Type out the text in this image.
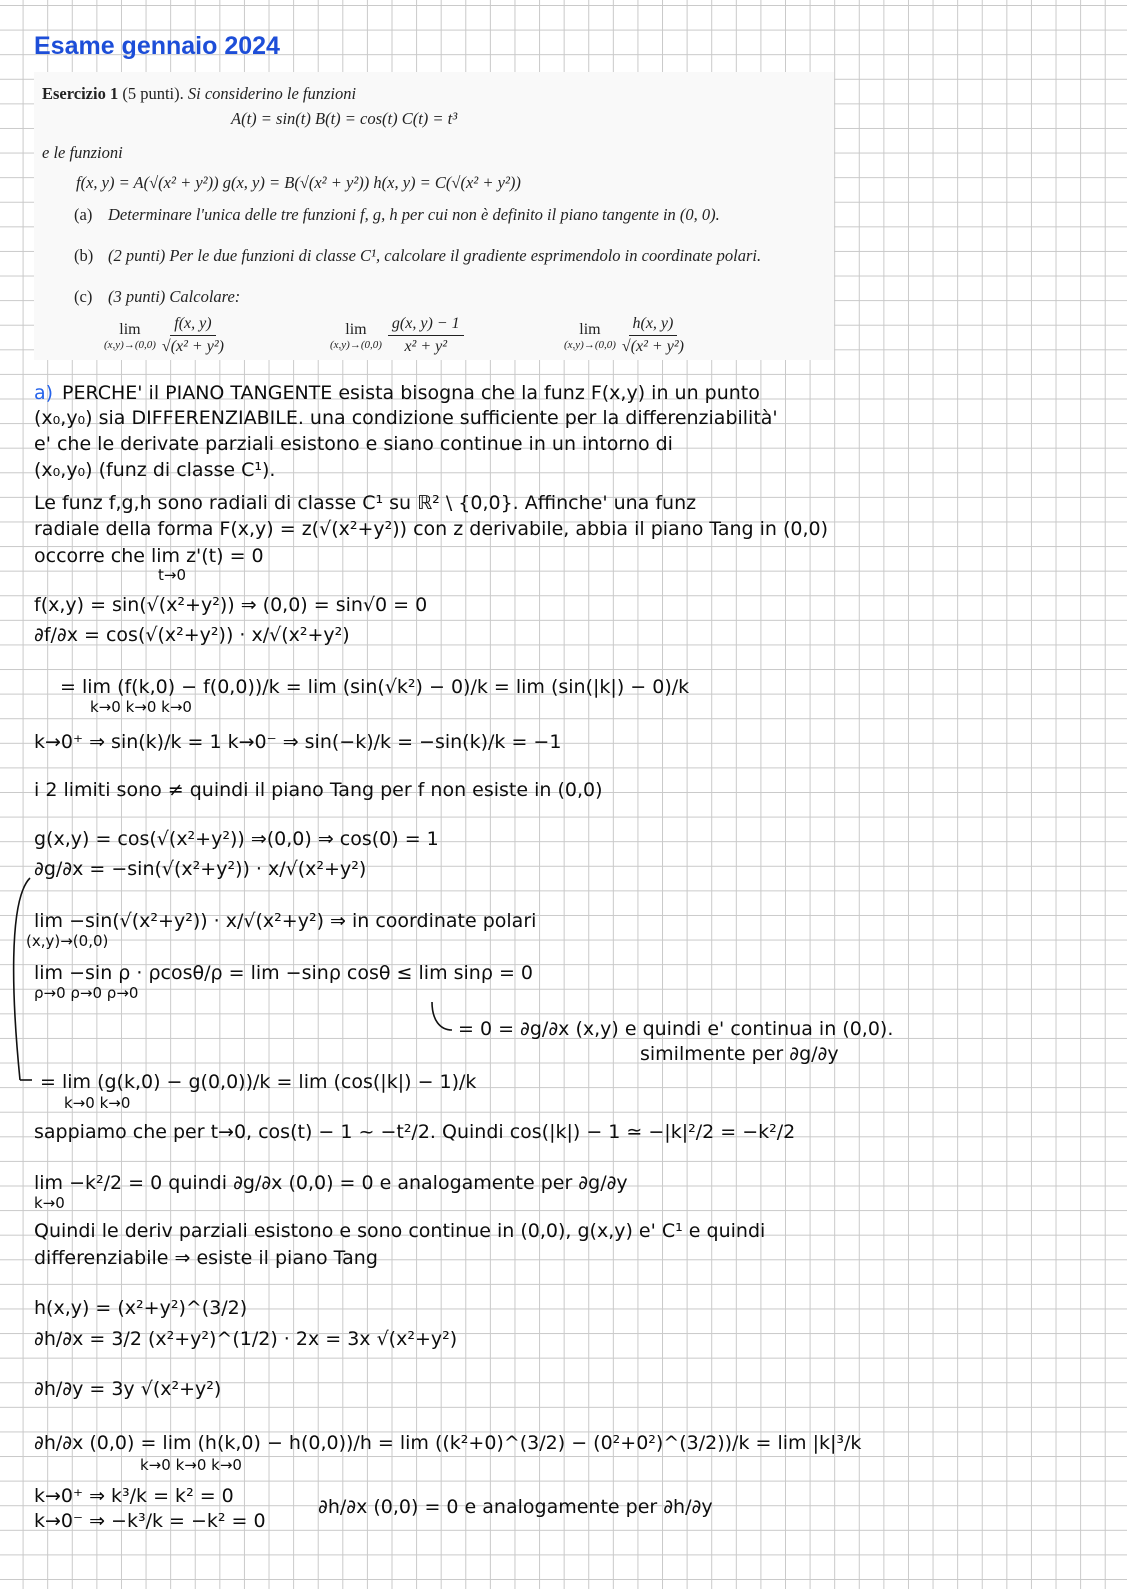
Esame gennaio 2024
Esercizio 1 (5 punti). Si considerino le funzioni
A(t) = sin(t) B(t) = cos(t) C(t) = t³
e le funzioni
f(x, y) = A(√(x² + y²)) g(x, y) = B(√(x² + y²)) h(x, y) = C(√(x² + y²))
(a) Determinare l'unica delle tre funzioni f, g, h per cui non è definito il piano tangente in (0, 0).
(b) (2 punti) Per le due funzioni di classe C¹, calcolare il gradiente esprimendolo in coordinate polari.
(c) (3 punti) Calcolare:
lim
$(x,y)\to(0,0) \frac{f(x, y)}{\text{√(x² + y²)}}$	lim
$(x,y)\to(0,0) \frac{g(x, y) - 1}{\text{x² + y²}}$	lim
$(x,y)\to(0,0) \frac{h(x, y)}{\text{√(x² + y²)}}$
a) PERCHE' il PIANO TANGENTE esista bisogna che la funz F(x,y) in un punto
(x₀,y₀) sia DIFFERENZIABILE. una condizione sufficiente per la differenziabilità'
e' che le derivate parziali esistono e siano continue in un intorno di
(x₀,y₀) (funz di classe C¹).
Le funz f,g,h sono radiali di classe C¹ su ℝ² \ {0,0}. Affinche' una funz
radiale della forma F(x,y) = z(√(x²+y²)) con z derivabile, abbia il piano Tang in (0,0)
occorre che lim z'(t) = 0
t→0
f(x,y) = sin(√(x²+y²)) ⇒ (0,0) = sin√0 = 0
∂f/∂x = cos(√(x²+y²)) · x/√(x²+y²)
= lim (f(k,0) − f(0,0))/k = lim (sin(√k²) − 0)/k = lim (sin(|k|) − 0)/k
k→0 k→0 k→0
k→0⁺ ⇒ sin(k)/k = 1 k→0⁻ ⇒ sin(−k)/k = −sin(k)/k = −1
i 2 limiti sono ≠ quindi il piano Tang per f non esiste in (0,0)
g(x,y) = cos(√(x²+y²)) ⇒(0,0) ⇒ cos(0) = 1
∂g/∂x = −sin(√(x²+y²)) · x/√(x²+y²)
lim −sin(√(x²+y²)) · x/√(x²+y²) ⇒ in coordinate polari
(x,y)→(0,0)
lim −sin ρ · ρcosθ/ρ = lim −sinρ cosθ ≤ lim sinρ = 0
ρ→0 ρ→0 ρ→0
= 0 = ∂g/∂x (x,y) e quindi e' continua in (0,0).
similmente per ∂g/∂y
= lim (g(k,0) − g(0,0))/k = lim (cos(|k|) − 1)/k
k→0 k→0
sappiamo che per t→0, cos(t) − 1 ~ −t²/2. Quindi cos(|k|) − 1 ≃ −|k|²/2 = −k²/2
lim −k²/2 = 0 quindi ∂g/∂x (0,0) = 0 e analogamente per ∂g/∂y
k→0
Quindi le deriv parziali esistono e sono continue in (0,0), g(x,y) e' C¹ e quindi
differenziabile ⇒ esiste il piano Tang
h(x,y) = (x²+y²)^(3/2)
∂h/∂x = 3/2 (x²+y²)^(1/2) · 2x = 3x √(x²+y²)
∂h/∂y = 3y √(x²+y²)
∂h/∂x (0,0) = lim (h(k,0) − h(0,0))/h = lim ((k²+0)^(3/2) − (0²+0²)^(3/2))/k = lim |k|³/k
k→0 k→0 k→0
k→0⁺ ⇒ k³/k = k² = 0
k→0⁻ ⇒ −k³/k = −k² = 0
∂h/∂x (0,0) = 0 e analogamente per ∂h/∂y
